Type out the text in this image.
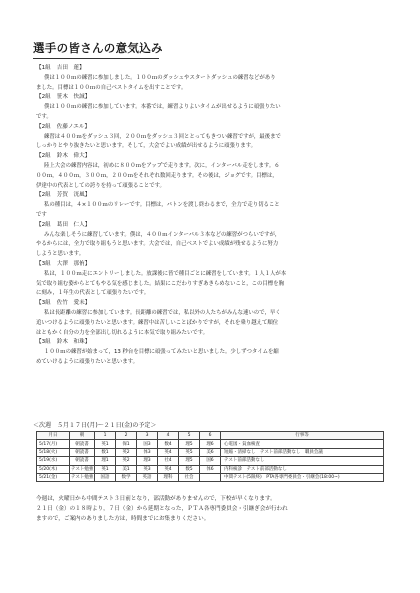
選手の皆さんの意気込み
【1組 吉田　蓮】
僕は１００ｍの練習に参加しました。１００ｍのダッシュやスタートダッシュの練習などがあり
ました。目標は１００ｍの自己ベストタイムを出すことです。
【2組 笹木　快誠】
僕は１００ｍの練習に参加しています。本番では，練習よりよいタイムが出せるように頑張りたい
です。
【2組 佐藤ノエル】
練習は４００ｍをダッシュ３回，２００ｍをダッシュ３回ととってもきつい練習ですが，最後まで
しっかりとやり抜きたいと思います。そして，大会でよい成績が出せるように頑張ります。
【2組 鈴木　偉大】
陸上大会の練習内容は，初めに８００ｍをアップで走ります。次に，インターバル走をします。６
００ｍ，４００ｍ，３００ｍ，２００ｍをそれぞれ数回走ります。その後は，ジョグです。目標は，
伊達中の代表としての誇りを持って頑張ることです。
【2組 芳賀　洸風】
私の種目は，４×１００ｍのリレーです。目標は，バトンを渡し終わるまで，全力で走り切ること
です
【2組 葛田　仁人】
みんな楽しそうに練習しています。僕は，４００ｍインターバル３本などの練習がつらいですが，
やるからには，全力で取り組もうと思います。大会では，自己ベストでよい成績が残せるように努力
しようと思います。
【3組 大澤　那侑】
私は，１００ｍ走にエントリーしました。放課後に皆で種目ごとに練習をしています。１人１人が本
気で取り組む姿からとてもやる気を感じました。結果にこだわりすぎあきらめないこと，この目標を胸
に刻み，１年生の代表として頑張りたいです。
【3組 佐竹　愛未】
私は長距離の練習に参加しています。長距離の練習では，私以外の人たちがみんな速いので，早く
追いつけるように頑張りたいと思います。練習中は苦しいことばかりですが，それを乗り越えて順位
はともかく自分の力を全部出し切れるように本気で取り組みたいです。
【3組 鈴木　和珠】
１００ｍの練習が始まって，13 秒台を目標に頑張ってみたいと思いました。少しずつタイムを縮
めていけるように頑張りたいと思います。
＜次週　５月１７日(月)～２１日(金)の予定＞
月日	朝	1	2	3	4	5	6	行事等
5/17(月)	朝読書	英1	保1	国3	数4	理5	理6	心電図・貧血検査
5/18(火)	朝読書	数1	英2	体3	英4	英5	美6	短縮・清掃なし　テスト前部活動なし　職員会議
5/19(水)	朝読書	理1	英2	理3	社4	理5	国6	テスト前部活動なし
5/20(木)	テスト勉強	英1	美1	英3	英4	数5	体6	内科検診　テスト前部活動なし
5/21(金)	テスト勉強	国語	数学	英語	理科	社会		中間テスト(5限終)　PTA各専門委員会・引継会(18:00~)
今週は，火曜日から中間テスト３日前となり，部活動がありませんので，下校が早くなります。
２１日（金）の１８時より，７日（金）から延期となった，ＰＴＡ各専門委員会・引継ぎ会が行われ
ますので，ご案内のありました方は，時間までにお集まりください。
